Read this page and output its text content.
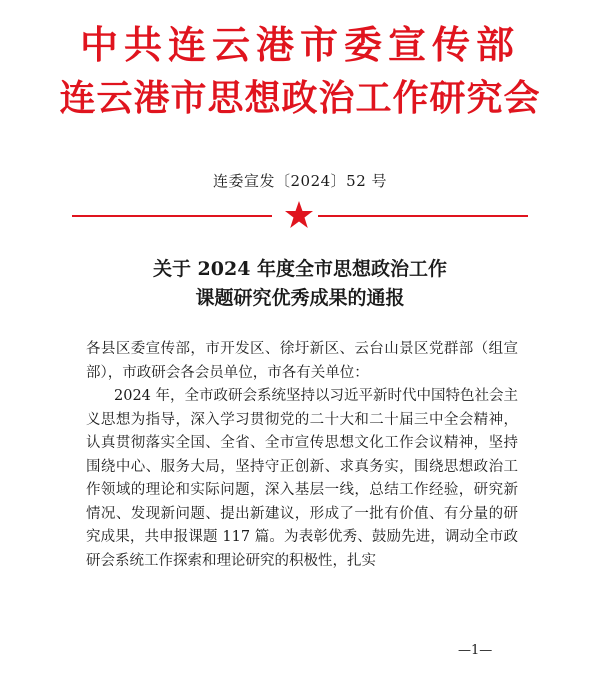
中共连云港市委宣传部
连云港市思想政治工作研究会
连委宣发〔2024〕52 号
关于 2024 年度全市思想政治工作
课题研究优秀成果的通报

各县区委宣传部，市开发区、徐圩新区、云台山景区党群部（组宣部），市政研会各会员单位，市各有关单位：

2024 年，全市政研会系统坚持以习近平新时代中国特色社会主义思想为指导，深入学习贯彻党的二十大和二十届三中全会精神，认真贯彻落实全国、全省、全市宣传思想文化工作会议精神，坚持围绕中心、服务大局，坚持守正创新、求真务实，围绕思想政治工作领域的理论和实际问题，深入基层一线，总结工作经验，研究新情况、发现新问题、提出新建议，形成了一批有价值、有分量的研究成果，共申报课题 117 篇。为表彰优秀、鼓励先进，调动全市政研会系统工作探索和理论研究的积极性，扎实

—1—
